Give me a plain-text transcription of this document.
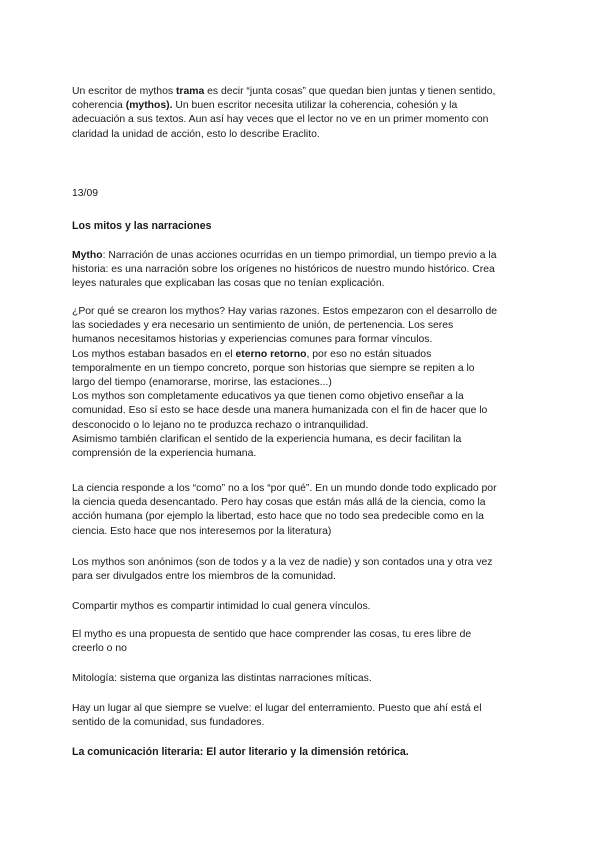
Un escritor de mythos trama es decir “junta cosas” que quedan bien juntas y tienen sentido,
coherencia (mythos). Un buen escritor necesita utilizar la coherencia, cohesión y la
adecuación a sus textos. Aun así hay veces que el lector no ve en un primer momento con
claridad la unidad de acción, esto lo describe Eraclito.

13/09

Los mitos y las narraciones

Mytho: Narración de unas acciones ocurridas en un tiempo primordial, un tiempo previo a la
historia: es una narración sobre los orígenes no históricos de nuestro mundo histórico. Crea
leyes naturales que explicaban las cosas que no tenían explicación.

¿Por qué se crearon los mythos? Hay varias razones. Estos empezaron con el desarrollo de
las sociedades y era necesario un sentimiento de unión, de pertenencia. Los seres
humanos necesitamos historias y experiencias comunes para formar vínculos.
Los mythos estaban basados en el eterno retorno, por eso no están situados
temporalmente en un tiempo concreto, porque son historias que siempre se repiten a lo
largo del tiempo (enamorarse, morirse, las estaciones...)
Los mythos son completamente educativos ya que tienen como objetivo enseñar a la
comunidad. Eso sí esto se hace desde una manera humanizada con el fin de hacer que lo
desconocido o lo lejano no te produzca rechazo o intranquilidad.
Asimismo también clarifican el sentido de la experiencia humana, es decir facilitan la
comprensión de la experiencia humana.

La ciencia responde a los “como” no a los “por qué”. En un mundo donde todo explicado por
la ciencia queda desencantado. Pero hay cosas que están más allá de la ciencia, como la
acción humana (por ejemplo la libertad, esto hace que no todo sea predecible como en la
ciencia. Esto hace que nos interesemos por la literatura)

Los mythos son anónimos (son de todos y a la vez de nadie) y son contados una y otra vez
para ser divulgados entre los miembros de la comunidad.

Compartir mythos es compartir intimidad lo cual genera vínculos.

El mytho es una propuesta de sentido que hace comprender las cosas, tu eres libre de
creerlo o no

Mitología: sistema que organiza las distintas narraciones míticas.

Hay un lugar al que siempre se vuelve: el lugar del enterramiento. Puesto que ahí está el
sentido de la comunidad, sus fundadores.

La comunicación literaria: El autor literario y la dimensión retórica.
